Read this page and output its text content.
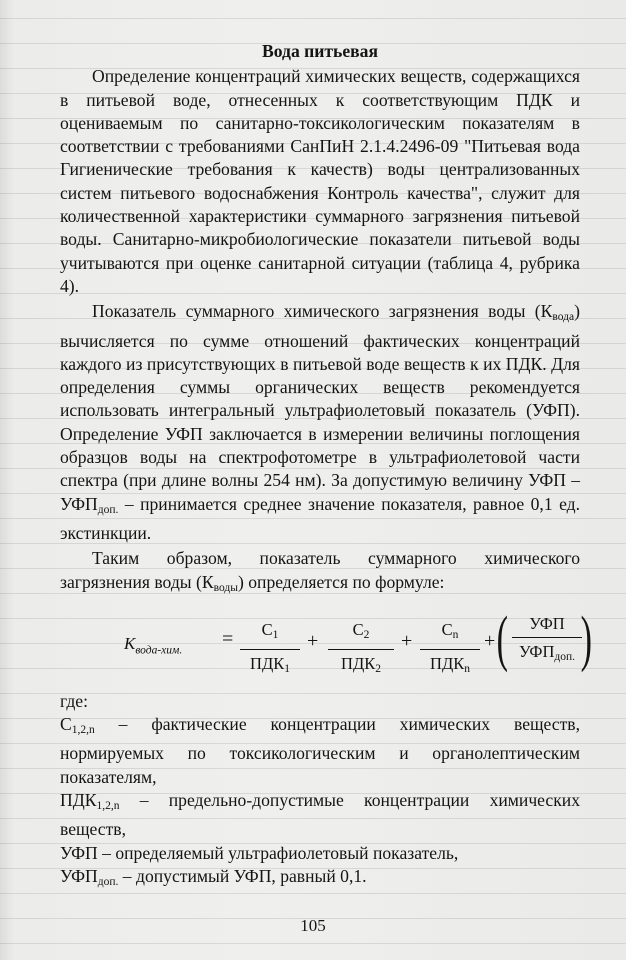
Вода питьевая

Определение концентраций химических веществ, содержащихся в питьевой воде, отнесенных к соответствующим ПДК и оцениваемым по санитарно-токсикологическим показателям в соответствии с требованиями СанПиН 2.1.4.2496-09 "Питьевая вода Гигиенические требования к качеств) воды централизованных систем питьевого водоснабжения Контроль качества", служит для количественной характеристики суммарного загрязнения питьевой воды. Санитарно-микробиологические показатели питьевой воды учитываются при оценке санитарной ситуации (таблица 4, рубрика 4).

Показатель суммарного химического загрязнения воды $(К_{вода})$ вычисляется по сумме отношений фактических концентраций каждого из присутствующих в питьевой воде веществ к их ПДК. Для определения суммы органических веществ рекомендуется использовать интегральный ультрафиолетовый показатель (УФП). Определение УФП заключается в измерении величины поглощения образцов воды на спектрофотометре в ультрафиолетовой части спектра (при длине волны 254 нм). За допустимую величину УФП – $УФП_{доп.}$ – принимается среднее значение показателя, равное 0,1 ед. экстинкции.

Таким образом, показатель суммарного химического загрязнения воды $(К_{воды})$ определяется по формуле:

$K_{вода-хим.}$
=	$C_1$
$ПДК_1$
+
$C_2$
$ПДК_2$
+
$C_n$
$ПДК_n$
+ (	УФП
$УФП_{доп.}$ )

где:

$С_{1,2,n}$ – фактические концентрации химических веществ, нормируемых по токсикологическим и органолептическим показателям,

$ПДК_{1,2,n}$ – предельно-допустимые концентрации химических веществ,

УФП – определяемый ультрафиолетовый показатель,

$УФП_{доп.}$ – допустимый УФП, равный 0,1.

105
